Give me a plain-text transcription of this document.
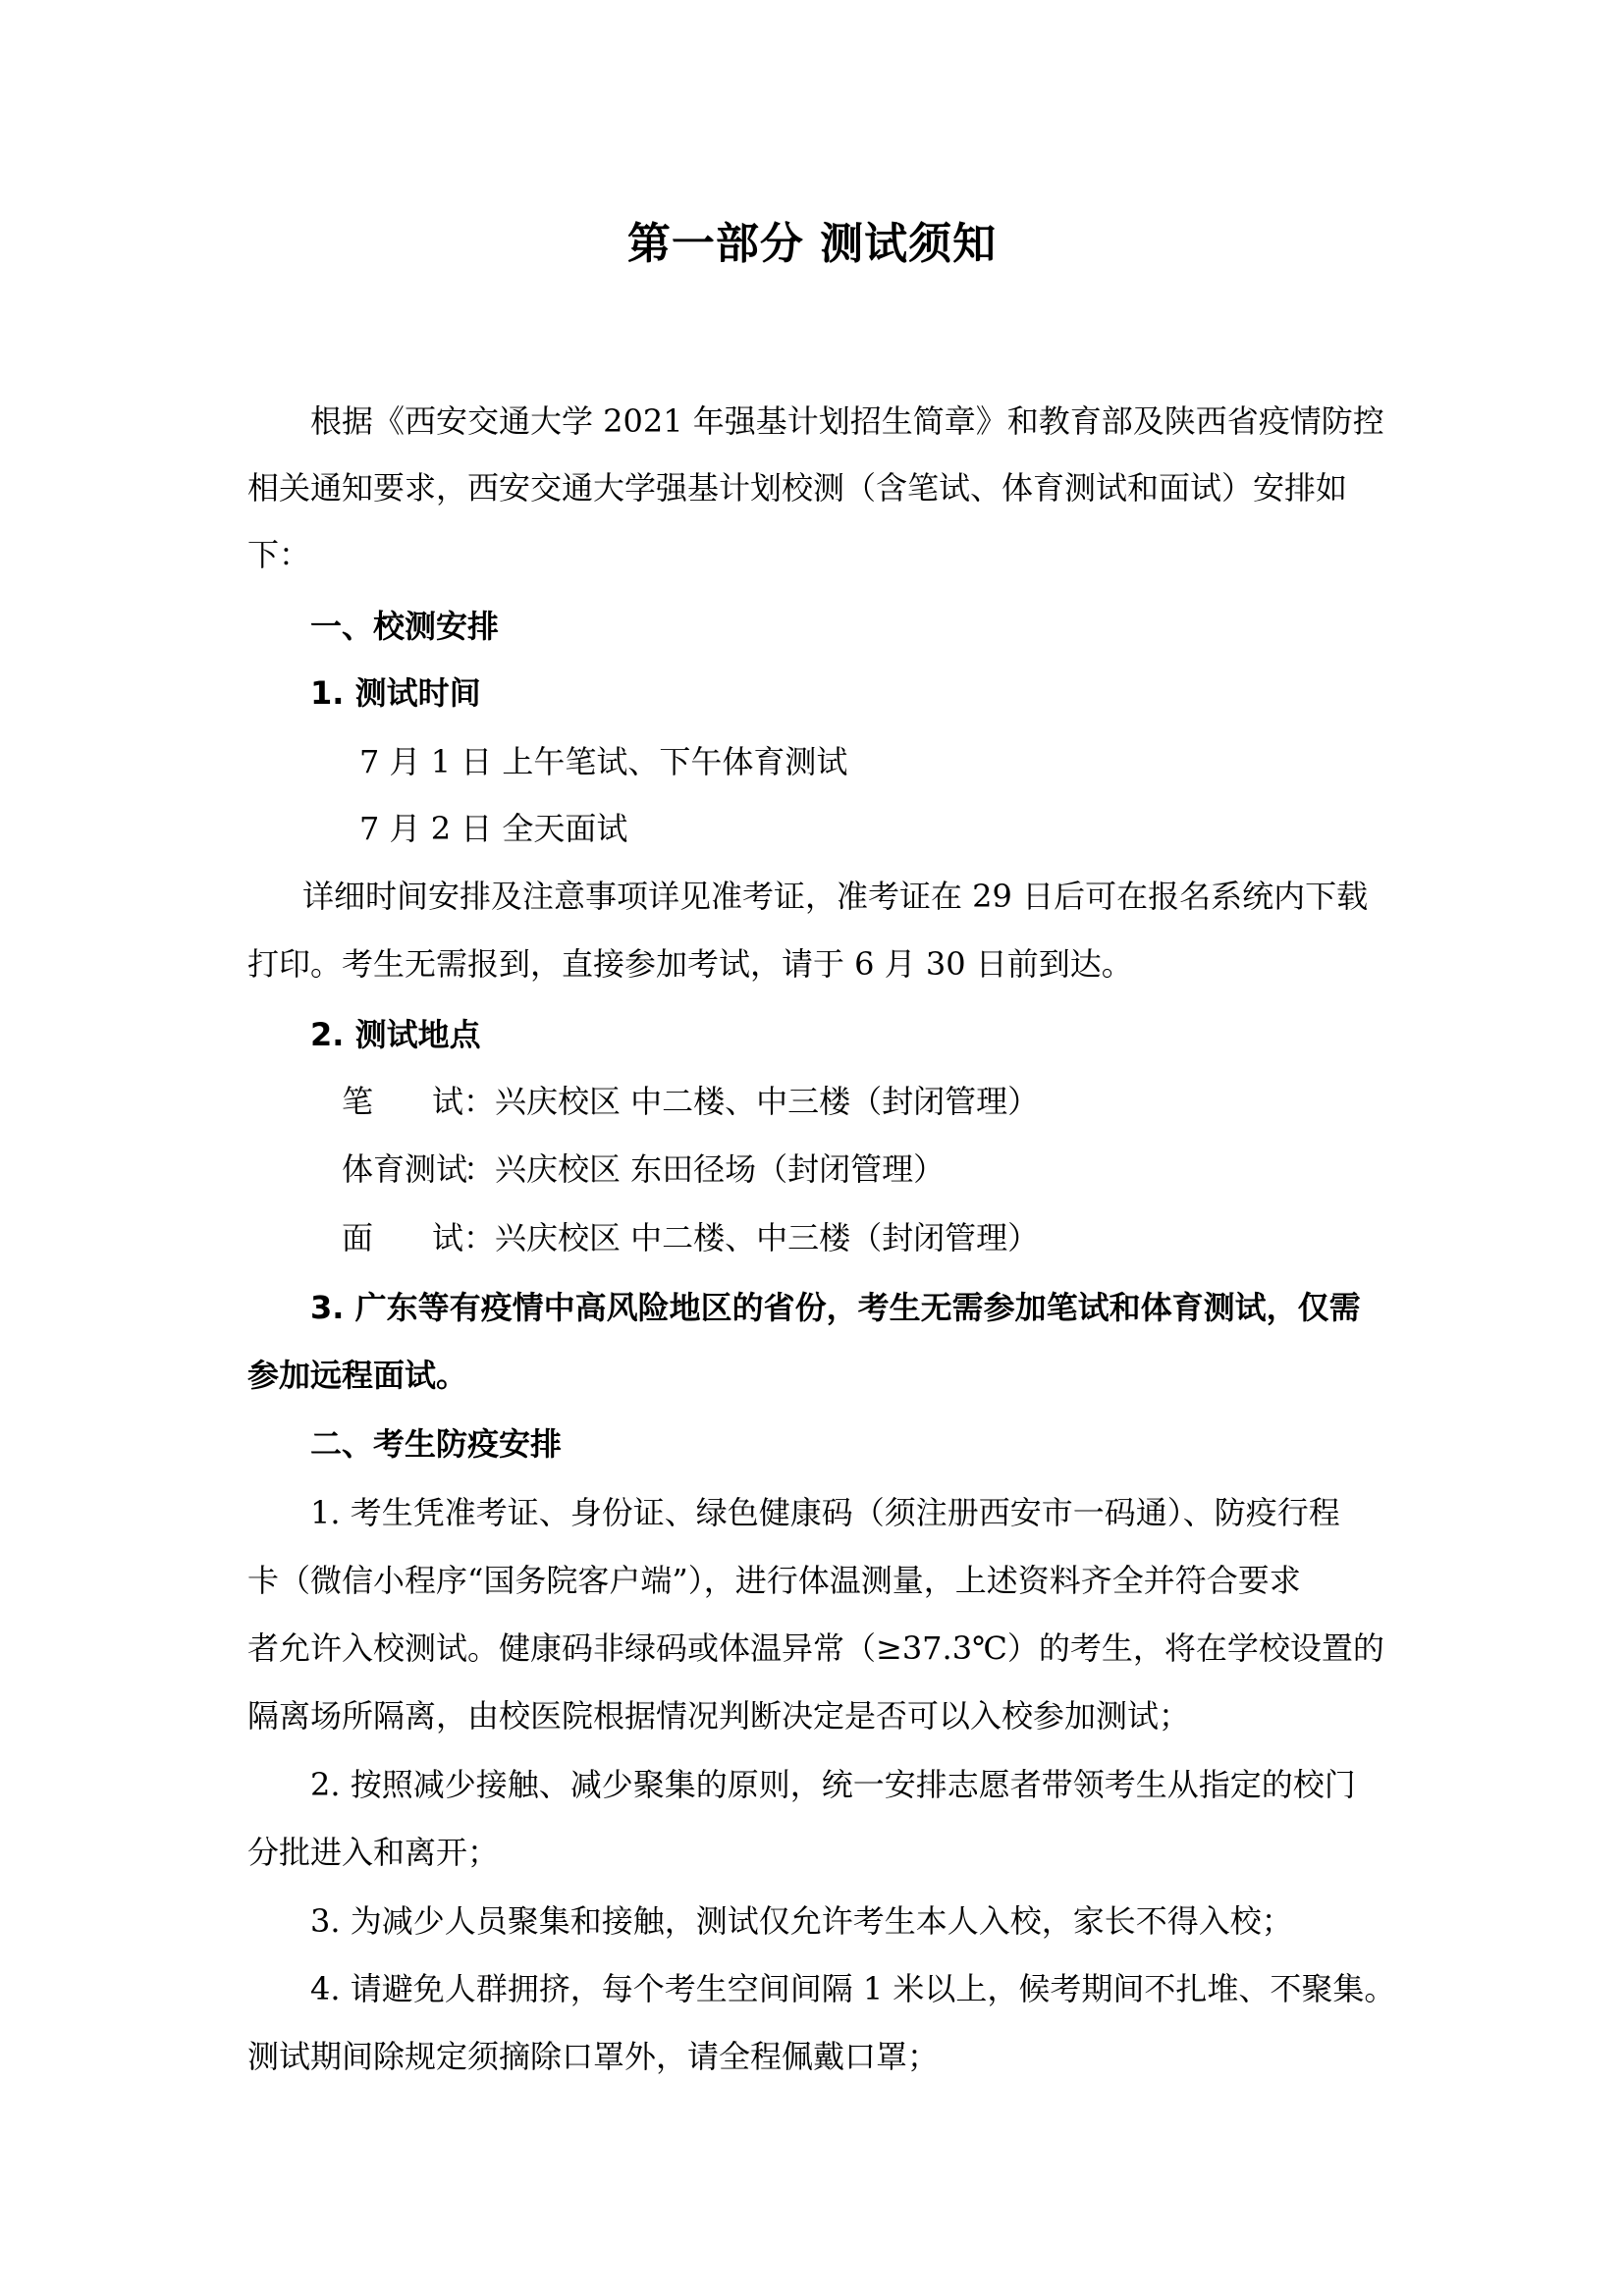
第一部分 测试须知
根据《西安交通大学 2021 年强基计划招生简章》和教育部及陕西省疫情防控
相关通知要求，西安交通大学强基计划校测（含笔试、体育测试和面试）安排如
下：
一、校测安排
1. 测试时间
7 月 1 日 上午笔试、下午体育测试
7 月 2 日 全天面试
详细时间安排及注意事项详见准考证，准考证在 29 日后可在报名系统内下载
打印。考生无需报到，直接参加考试，请于 6 月 30 日前到达。
2. 测试地点
笔试：兴庆校区 中二楼、中三楼（封闭管理）
体育测试：兴庆校区 东田径场（封闭管理）
面试：兴庆校区 中二楼、中三楼（封闭管理）
3. 广东等有疫情中高风险地区的省份，考生无需参加笔试和体育测试，仅需
参加远程面试。
二、考生防疫安排
1. 考生凭准考证、身份证、绿色健康码（须注册西安市一码通）、防疫行程
卡（微信小程序“国务院客户端”），进行体温测量，上述资料齐全并符合要求
者允许入校测试。健康码非绿码或体温异常（≥37.3℃）的考生，将在学校设置的
隔离场所隔离，由校医院根据情况判断决定是否可以入校参加测试；
2. 按照减少接触、减少聚集的原则，统一安排志愿者带领考生从指定的校门
分批进入和离开；
3. 为减少人员聚集和接触，测试仅允许考生本人入校，家长不得入校；
4. 请避免人群拥挤，每个考生空间间隔 1 米以上，候考期间不扎堆、不聚集。
测试期间除规定须摘除口罩外，请全程佩戴口罩；
